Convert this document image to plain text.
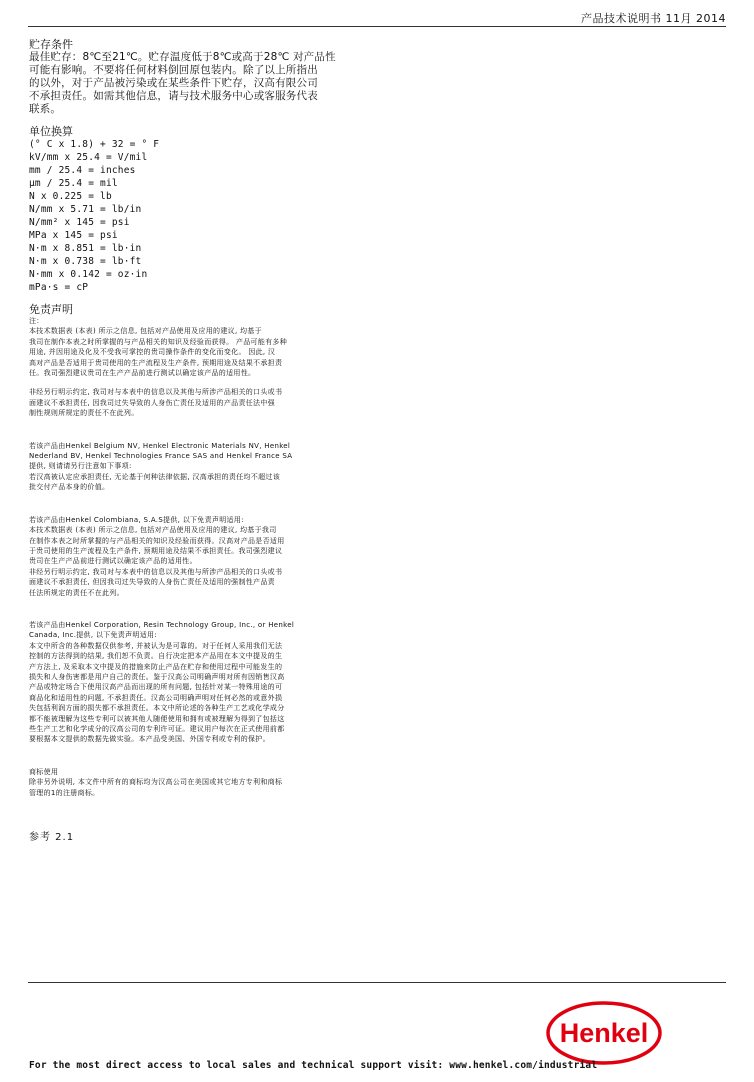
产品技术说明书 11月 2014

贮存条件

最佳贮存：8℃至21℃。贮存温度低于8℃或高于28℃ 对产品性
可能有影响。不要将任何材料倒回原包装内。除了以上所指出
的以外，对于产品被污染或在某些条件下贮存，汉高有限公司
不承担责任。如需其他信息，请与技术服务中心或客服务代表
联系。

单位换算

(° C x 1.8) + 32 = ° F
kV/mm x 25.4 = V/mil
mm / 25.4 = inches
µm / 25.4 = mil
N x 0.225 = lb
N/mm x 5.71 = lb/in
N/mm² x 145 = psi
MPa x 145 = psi
N·m x 8.851 = lb·in
N·m x 0.738 = lb·ft
N·mm x 0.142 = oz·in
mPa·s = cP

免责声明

注：

本技术数据表 (本表) 所示之信息, 包括对产品使用及应用的建议, 均基于
我司在制作本表之时所掌握的与产品相关的知识及经验而获得。 产品可能有多种
用途, 并因用途及化及不受我可掌控的贵司操作条件的变化而变化。 因此, 汉
高对产品是否适用于贵司使用的生产流程及生产条件, 预期用途及结果不承担责
任。我司强烈建议贵司在生产产品前进行测试以确定该产品的适用性。

非经另行明示约定, 我司对与本表中的信息以及其他与所涉产品相关的口头或书
面建议不承担责任, 因我司过失导致的人身伤亡责任及适用的产品责任法中强
制性规则所规定的责任不在此列。

若该产品由Henkel Belgium NV, Henkel Electronic Materials NV, Henkel
Nederland BV, Henkel Technologies France SAS and Henkel France SA
提供, 则请请另行注意如下事项:
若汉高被认定应承担责任, 无论基于何种法律依据, 汉高承担的责任均不超过该
批交付产品本身的价值。

若该产品由Henkel Colombiana, S.A.S提供, 以下免责声明适用:
本技术数据表 (本表) 所示之信息, 包括对产品使用及应用的建议, 均基于我司
在制作本表之时所掌握的与产品相关的知识及经验而获得。汉高对产品是否适用
于贵司使用的生产流程及生产条件, 预期用途及结果不承担责任。我司强烈建议
贵司在生产产品前进行测试以确定该产品的适用性。
非经另行明示约定, 我司对与本表中的信息以及其他与所涉产品相关的口头或书
面建议不承担责任, 但因我司过失导致的人身伤亡责任及适用的强制性产品责
任法所规定的责任不在此列。

若该产品由Henkel Corporation, Resin Technology Group, Inc., or Henkel
Canada, Inc.提供, 以下免责声明适用:
本文中所含的各种数据仅供参考, 并被认为是可靠的。对于任何人采用我们无法
控制的方法得到的结果, 我们恕不负责。自行决定把本产品用在本文中提及的生
产方法上, 及采取本文中提及的措施来防止产品在贮存和使用过程中可能发生的
损失和人身伤害都是用户自己的责任。鉴于汉高公司明确声明对所有因销售汉高
产品或特定场合下使用汉高产品而出现的所有问题, 包括针对某一特殊用途的可
商品化和适用性的问题, 不承担责任。汉高公司明确声明对任何必然的或意外损
失包括利润方面的损失都不承担责任。本文中所论述的各种生产工艺或化学成分
都不能被理解为这些专利可以被其他人随便使用和拥有或被理解为得到了包括这
些生产工艺和化学成分的汉高公司的专利许可证。建议用户每次在正式使用前都
要根据本文提供的数据先做实验。本产品受美国、外国专利或专利的保护。

商标使用

除非另外说明, 本文件中所有的商标均为汉高公司在美国或其它地方专利和商标
管理的1的注册商标。

参考 2.1

Henkel
For the most direct access to local sales and technical support visit: www.henkel.com/industrial
